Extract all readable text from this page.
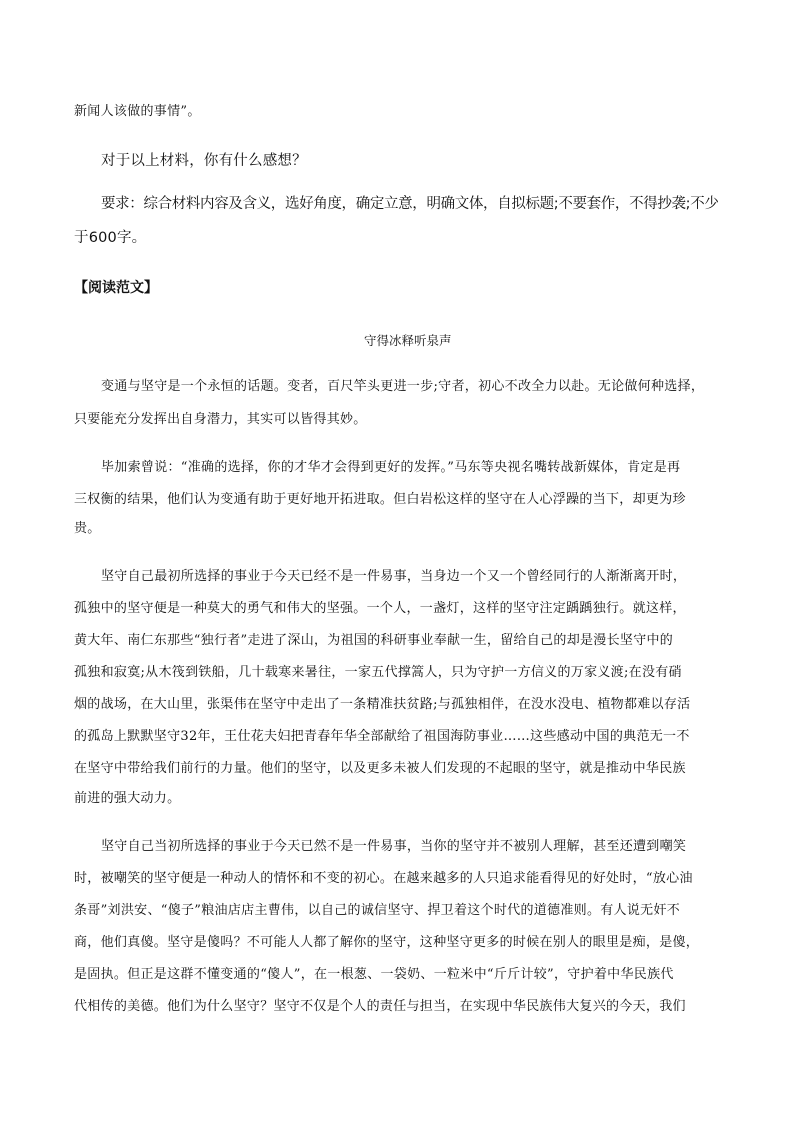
新闻人该做的事情”。
对于以上材料，你有什么感想？
要求：综合材料内容及含义，选好角度，确定立意，明确文体，自拟标题;不要套作，不得抄袭;不少
于600字。
【阅读范文】
守得冰释听泉声
变通与坚守是一个永恒的话题。变者，百尺竿头更进一步;守者，初心不改全力以赴。无论做何种选择，
只要能充分发挥出自身潜力，其实可以皆得其妙。
毕加索曾说：“准确的选择，你的才华才会得到更好的发挥。”马东等央视名嘴转战新媒体，肯定是再
三权衡的结果，他们认为变通有助于更好地开拓进取。但白岩松这样的坚守在人心浮躁的当下，却更为珍
贵。
坚守自己最初所选择的事业于今天已经不是一件易事，当身边一个又一个曾经同行的人渐渐离开时，
孤独中的坚守便是一种莫大的勇气和伟大的坚强。一个人，一盏灯，这样的坚守注定踽踽独行。就这样，
黄大年、南仁东那些“独行者”走进了深山，为祖国的科研事业奉献一生，留给自己的却是漫长坚守中的
孤独和寂寞;从木筏到铁船，几十载寒来暑往，一家五代撑篙人，只为守护一方信义的万家义渡;在没有硝
烟的战场，在大山里，张渠伟在坚守中走出了一条精准扶贫路;与孤独相伴，在没水没电、植物都难以存活
的孤岛上默默坚守32年，王仕花夫妇把青春年华全部献给了祖国海防事业……这些感动中国的典范无一不
在坚守中带给我们前行的力量。他们的坚守，以及更多未被人们发现的不起眼的坚守，就是推动中华民族
前进的强大动力。
坚守自己当初所选择的事业于今天已然不是一件易事，当你的坚守并不被别人理解，甚至还遭到嘲笑
时，被嘲笑的坚守便是一种动人的情怀和不变的初心。在越来越多的人只追求能看得见的好处时，“放心油
条哥”刘洪安、“傻子”粮油店店主曹伟，以自己的诚信坚守、捍卫着这个时代的道德准则。有人说无奸不
商，他们真傻。坚守是傻吗？不可能人人都了解你的坚守，这种坚守更多的时候在别人的眼里是痴，是傻，
是固执。但正是这群不懂变通的“傻人”，在一根葱、一袋奶、一粒米中“斤斤计较”，守护着中华民族代
代相传的美德。他们为什么坚守？坚守不仅是个人的责任与担当，在实现中华民族伟大复兴的今天，我们
